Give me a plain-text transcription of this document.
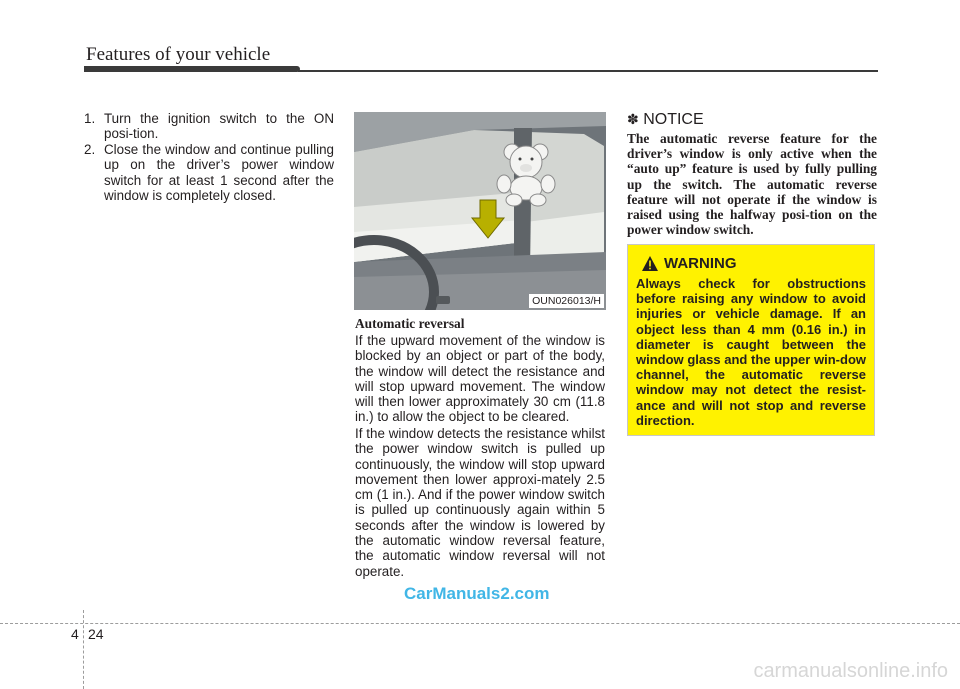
Features of your vehicle
1. Turn the ignition switch to the ON posi-tion.
2. Close the window and continue pulling up on the driver’s power window switch for at least 1 second after the window is completely closed.
OUN026013/H
Automatic reversal

If the upward movement of the window is blocked by an object or part of the body, the window will detect the resistance and will stop upward movement. The window will then lower approximately 30 cm (11.8 in.) to allow the object to be cleared.

If the window detects the resistance whilst the power window switch is pulled up continuously, the window will stop upward movement then lower approxi-mately 2.5 cm (1 in.). And if the power window switch is pulled up continuously again within 5 seconds after the window is lowered by the automatic window reversal feature, the automatic window reversal will not operate.

✽ NOTICE

The automatic reverse feature for the driver’s window is only active when the “auto up” feature is used by fully pulling up the switch. The automatic reverse feature will not operate if the window is raised using the halfway posi-tion on the power window switch.

WARNING

Always check for obstructions before raising any window to avoid injuries or vehicle damage. If an object less than 4 mm (0.16 in.) in diameter is caught between the window glass and the upper win-dow channel, the automatic reverse window may not detect the resist-ance and will not stop and reverse direction.

CarManuals2.com
4 24
carmanualsonline.info
